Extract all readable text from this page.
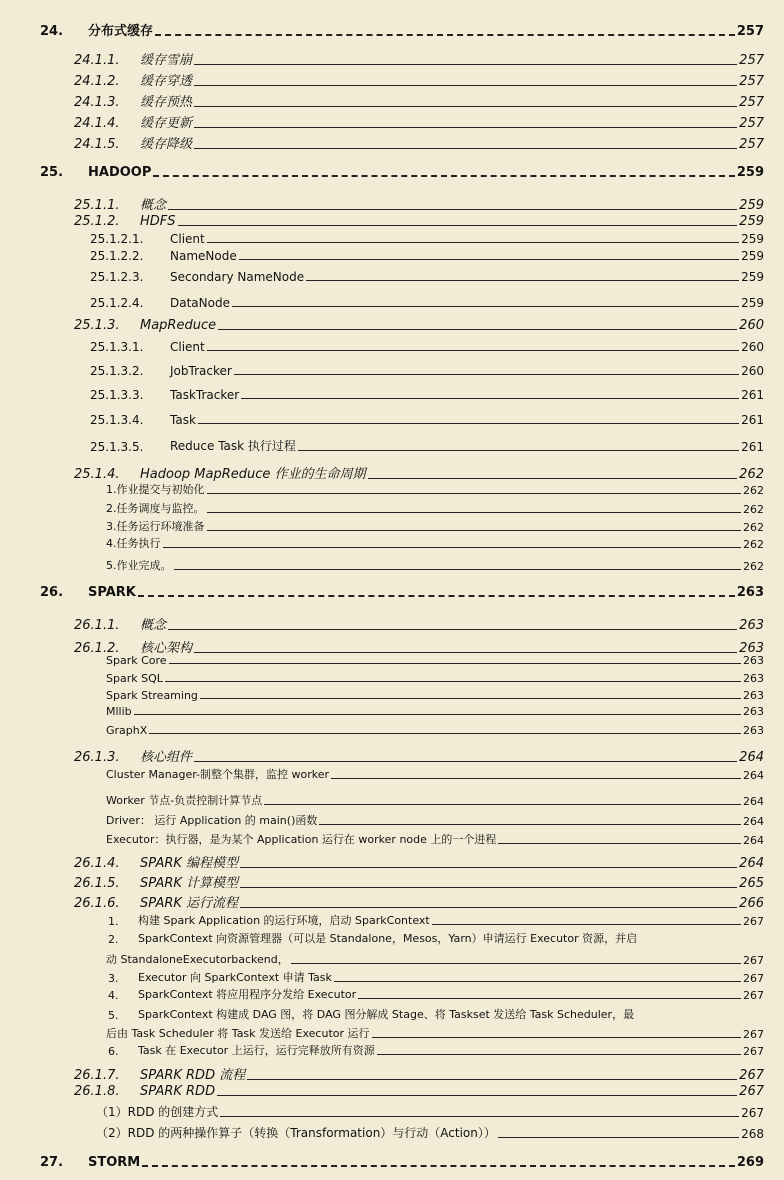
24.	分布式缓存	257
24.1.1.	缓存雪崩	257
24.1.2.	缓存穿透	257
24.1.3.	缓存预热	257
24.1.4.	缓存更新	257
24.1.5.	缓存降级	257
25.	HADOOP	259
25.1.1.	概念	259
25.1.2.	HDFS	259
25.1.2.1.	Client	259
25.1.2.2.	NameNode	259
25.1.2.3.	Secondary NameNode	259
25.1.2.4.	DataNode	259
25.1.3.	MapReduce	260
25.1.3.1.	Client	260
25.1.3.2.	JobTracker	260
25.1.3.3.	TaskTracker	261
25.1.3.4.	Task	261
25.1.3.5.	Reduce Task 执行过程	261
25.1.4.	Hadoop MapReduce 作业的生命周期	262
1.作业提交与初始化	262
2.任务调度与监控。	262
3.任务运行环境准备	262
4.任务执行	262
5.作业完成。	262
26.	SPARK	263
26.1.1.	概念	263
26.1.2.	核心架构	263
Spark Core	263
Spark SQL	263
Spark Streaming	263
Mllib	263
GraphX	263
26.1.3.	核心组件	264
Cluster Manager-制整个集群，监控 worker	264
Worker 节点-负责控制计算节点	264
Driver： 运行 Application 的 main()函数	264
Executor：执行器，是为某个 Application 运行在 worker node 上的一个进程	264
26.1.4.	SPARK 编程模型	264
26.1.5.	SPARK 计算模型	265
26.1.6.	SPARK 运行流程	266
1.	构建 Spark Application 的运行环境，启动 SparkContext	267
2.	SparkContext 向资源管理器（可以是 Standalone，Mesos，Yarn）申请运行 Executor 资源，并启
动 StandaloneExecutorbackend，	267
3.	Executor 向 SparkContext 申请 Task	267
4.	SparkContext 将应用程序分发给 Executor	267
5.	SparkContext 构建成 DAG 图，将 DAG 图分解成 Stage、将 Taskset 发送给 Task Scheduler，最
后由 Task Scheduler 将 Task 发送给 Executor 运行	267
6.	Task 在 Executor 上运行，运行完释放所有资源	267
26.1.7.	SPARK RDD 流程	267
26.1.8.	SPARK RDD	267
（1）RDD 的创建方式	267
（2）RDD 的两种操作算子（转换（Transformation）与行动（Action））	268
27.	STORM	269
